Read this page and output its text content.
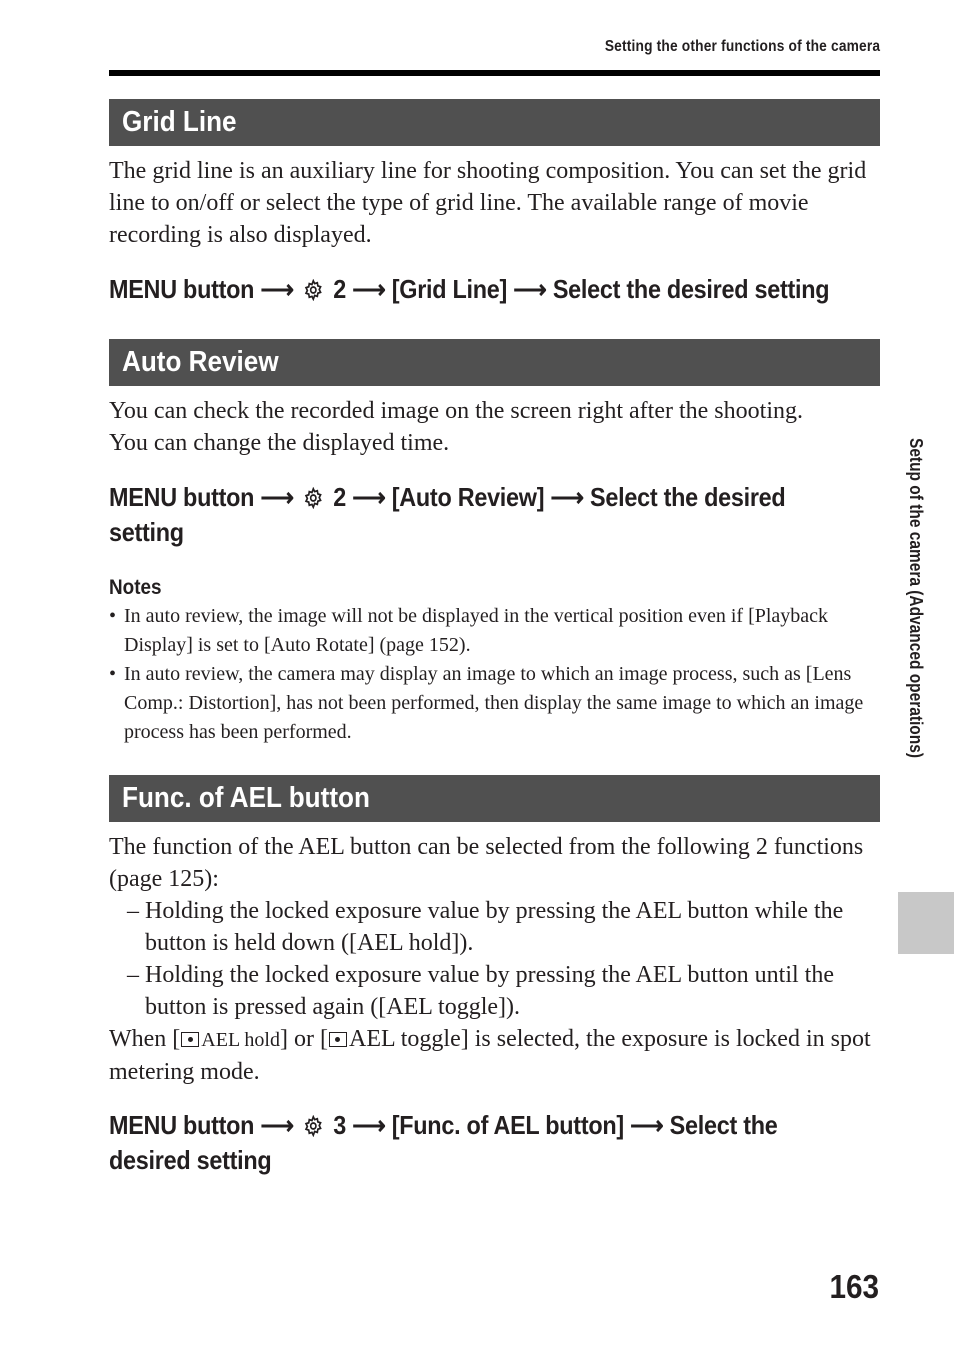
Setting the other functions of the camera
Grid Line
The grid line is an auxiliary line for shooting composition. You can set the grid line to on/off or select the type of grid line. The available range of movie recording is also displayed.
MENU button ⟶ 2 ⟶ [Grid Line] ⟶ Select the desired setting
Auto Review
You can check the recorded image on the screen right after the shooting.
You can change the displayed time.
MENU button ⟶ 2 ⟶ [Auto Review] ⟶ Select the desired
setting
Notes
• In auto review, the image will not be displayed in the vertical position even if [Playback Display] is set to [Auto Rotate] (page 152).
• In auto review, the camera may display an image to which an image process, such as [Lens Comp.: Distortion], has not been performed, then display the same image to which an image process has been performed.
Func. of AEL button
The function of the AEL button can be selected from the following 2 functions (page 125):
– Holding the locked exposure value by pressing the AEL button while the button is held down ([AEL hold]).
– Holding the locked exposure value by pressing the AEL button until the button is pressed again ([AEL toggle]).
When [ AEL hold] or [ AEL toggle] is selected, the exposure is locked in spot metering mode.
MENU button ⟶ 3 ⟶ [Func. of AEL button] ⟶ Select the
desired setting
Setup of the camera (Advanced operations)
163
